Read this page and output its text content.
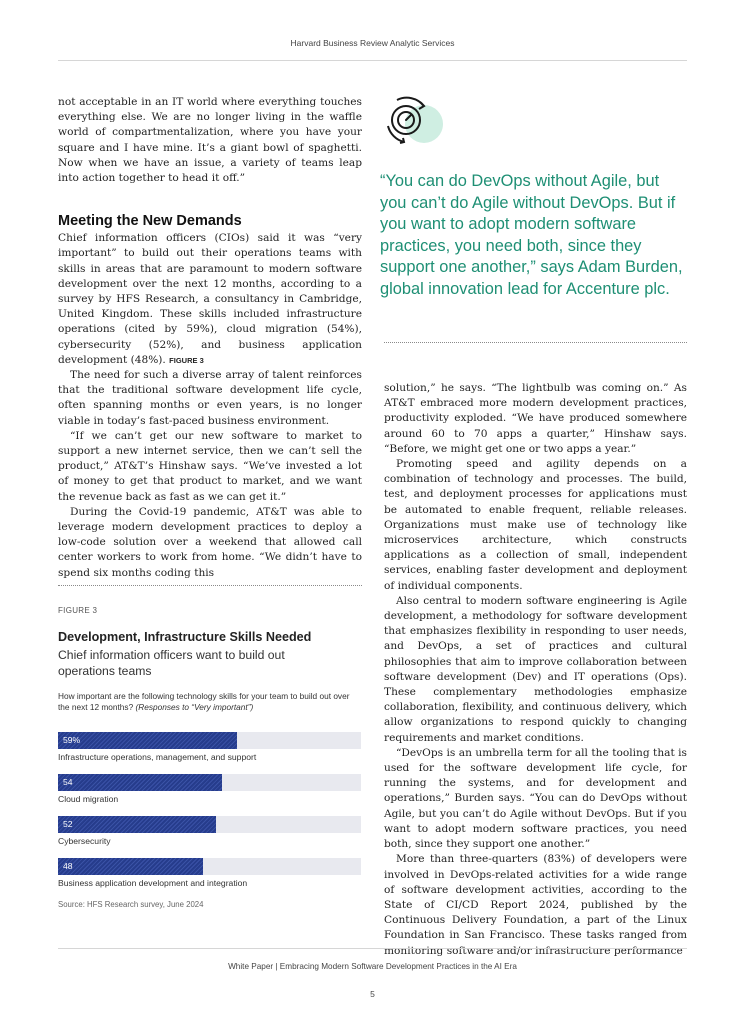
Harvard Business Review Analytic Services

not acceptable in an IT world where everything touches everything else. We are no longer living in the waffle world of compartmentalization, where you have your square and I have mine. It’s a giant bowl of spaghetti. Now when we have an issue, a variety of teams leap into action together to head it off.”

Meeting the New Demands

Chief information officers (CIOs) said it was “very important” to build out their operations teams with skills in areas that are paramount to modern software development over the next 12 months, according to a survey by HFS Research, a consultancy in Cambridge, United Kingdom. These skills included infrastructure operations (cited by 59%), cloud migration (54%), cybersecurity (52%), and business application development (48%). FIGURE 3

The need for such a diverse array of talent reinforces that the traditional software development life cycle, often spanning months or even years, is no longer viable in today’s fast-paced business environment.

“If we can’t get our new software to market to support a new internet service, then we can’t sell the product,” AT&T’s Hinshaw says. “We’ve invested a lot of money to get that product to market, and we want the revenue back as fast as we can get it.”

During the Covid-19 pandemic, AT&T was able to leverage modern development practices to deploy a low-code solution over a weekend that allowed call center workers to work from home. “We didn’t have to spend six months coding this

“You can do DevOps without Agile, but you can’t do Agile without DevOps. But if you want to adopt modern software practices, you need both, since they support one another,” says Adam Burden, global innovation lead for Accenture plc.

solution,” he says. “The lightbulb was coming on.” As AT&T embraced more modern development practices, productivity exploded. “We have produced somewhere around 60 to 70 apps a quarter,” Hinshaw says. “Before, we might get one or two apps a year.”

Promoting speed and agility depends on a combination of technology and processes. The build, test, and deployment processes for applications must be automated to enable frequent, reliable releases. Organizations must make use of technology like microservices architecture, which constructs applications as a collection of small, independent services, enabling faster development and deployment of individual components.

Also central to modern software engineering is Agile development, a methodology for software development that emphasizes flexibility in responding to user needs, and DevOps, a set of practices and cultural philosophies that aim to improve collaboration between software development (Dev) and IT operations (Ops). These complementary methodologies emphasize collaboration, flexibility, and continuous delivery, which allow organizations to respond quickly to changing requirements and market conditions.

“DevOps is an umbrella term for all the tooling that is used for the software development life cycle, for running the systems, and for development and operations,” Burden says. “You can do DevOps without Agile, but you can’t do Agile without DevOps. But if you want to adopt modern software practices, you need both, since they support one another.”

More than three-quarters (83%) of developers were involved in DevOps-related activities for a wide range of software development activities, according to the State of CI/CD Report 2024, published by the Continuous Delivery Foundation, a part of the Linux Foundation in San Francisco. These tasks ranged from monitoring software and/or infrastructure performance

FIGURE 3
Development, Infrastructure Skills Needed
Chief information officers want to build out operations teams
How important are the following technology skills for your team to build out over the next 12 months? (Responses to “Very important”)
59%
Infrastructure operations, management, and support
54
Cloud migration
52
Cybersecurity
48
Business application development and integration
Source: HFS Research survey, June 2024
White Paper | Embracing Modern Software Development Practices in the AI Era
5
